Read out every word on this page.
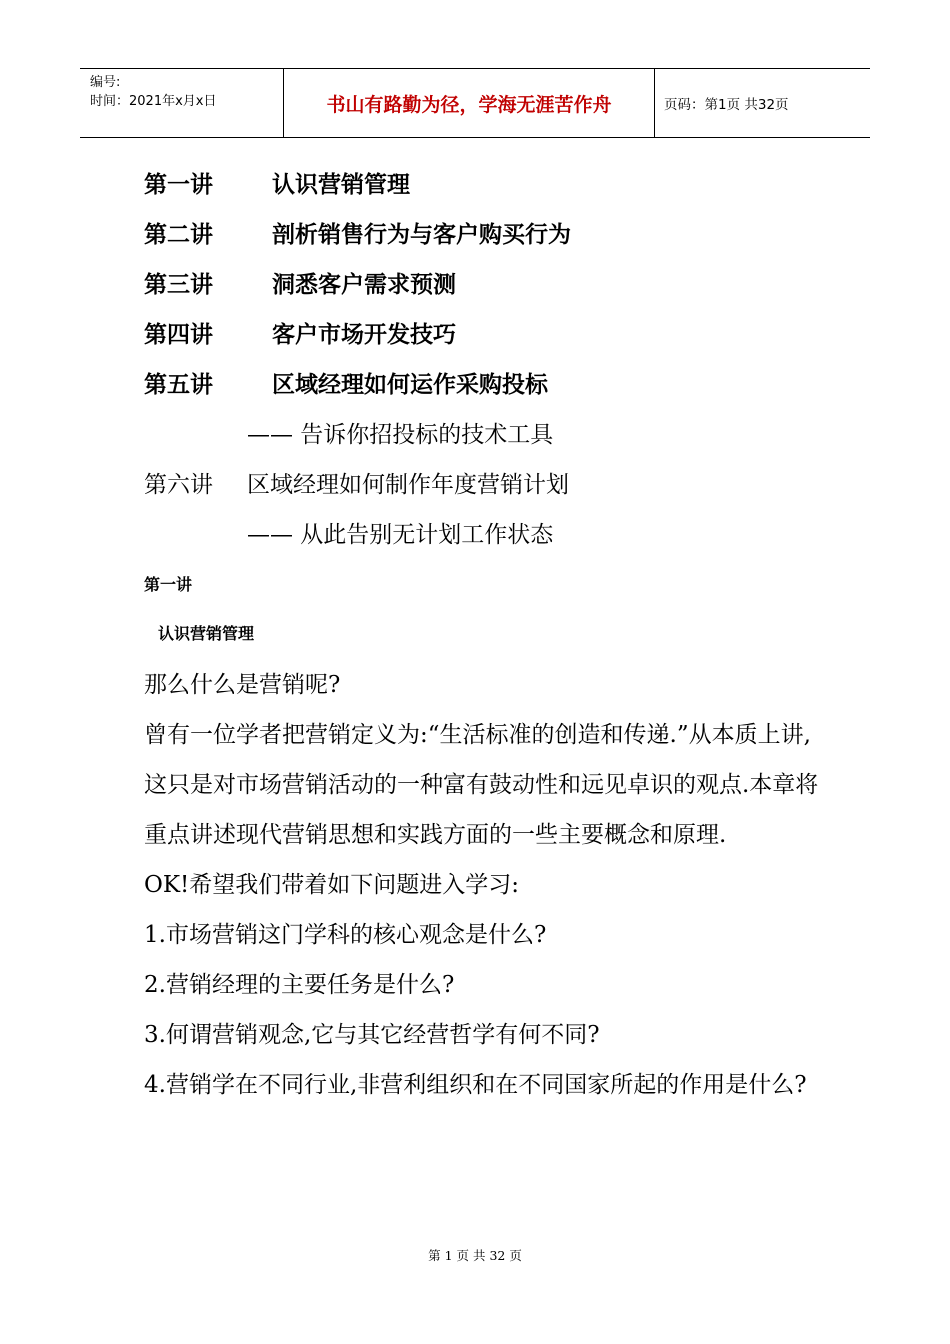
编号:
时间：2021年x月x日	书山有路勤为径，学海无涯苦作舟	页码：第1页 共32页
第一讲	认识营销管理
第二讲	剖析销售行为与客户购买行为
第三讲	洞悉客户需求预测
第四讲	客户市场开发技巧
第五讲	区域经理如何运作采购投标
—— 告诉你招投标的技术工具
第六讲 区域经理如何制作年度营销计划
—— 从此告别无计划工作状态
第一讲
认识营销管理

那么什么是营销呢?

曾有一位学者把营销定义为:“生活标准的创造和传递.”从本质上讲,这只是对市场营销活动的一种富有鼓动性和远见卓识的观点.本章将重点讲述现代营销思想和实践方面的一些主要概念和原理.

OK!希望我们带着如下问题进入学习:

1.市场营销这门学科的核心观念是什么?

2.营销经理的主要任务是什么?

3.何谓营销观念,它与其它经营哲学有何不同?

4.营销学在不同行业,非营利组织和在不同国家所起的作用是什么?

第 1 页 共 32 页
